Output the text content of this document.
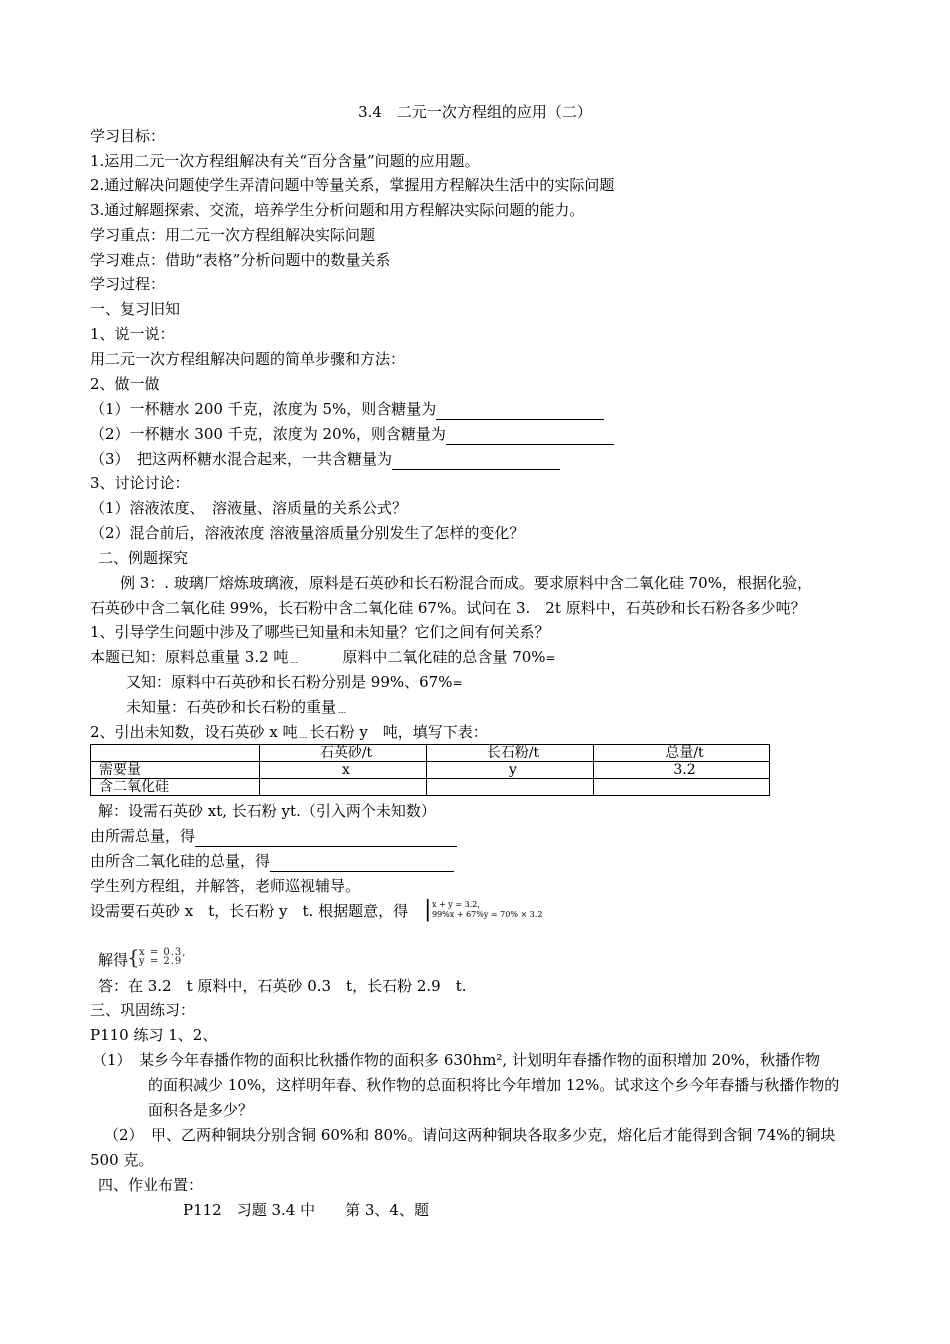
3.4　二元一次方程组的应用（二）
学习目标：
1.运用二元一次方程组解决有关“百分含量”问题的应用题。
2.通过解决问题使学生弄清问题中等量关系，掌握用方程解决生活中的实际问题
3.通过解题探索、交流，培养学生分析问题和用方程解决实际问题的能力。
学习重点：用二元一次方程组解决实际问题
学习难点：借助“表格”分析问题中的数量关系
学习过程：
一、复习旧知
1、说一说：
用二元一次方程组解决问题的简单步骤和方法：
2、做一做
（1）一杯糖水 200 千克，浓度为 5%，则含糖量为
（2）一杯糖水 300 千克，浓度为 20%，则含糖量为
（3）　把这两杯糖水混合起来，一共含糖量为
3、讨论讨论：
（1）溶液浓度、　溶液量、溶质量的关系公式？
（2）混合前后，溶液浓度 溶液量溶质量分别发生了怎样的变化？
二、例题探究
例 3：. 玻璃厂熔炼玻璃液，原料是石英砂和长石粉混合而成。要求原料中含二氧化硅 70%，根据化验，
石英砂中含二氧化硅 99%，长石粉中含二氧化硅 67%。试问在 3.　2t 原料中，石英砂和长石粉各多少吨？
1、引导学生问题中涉及了哪些已知量和未知量？它们之间有何关系？
本题已知：原料总重量 3.2 吨﹍	原料中二氧化硅的总含量 70%=
又知：原料中石英砂和长石粉分别是 99%、67%=
未知量：石英砂和长石粉的重量﹍
2、引出未知数，设石英砂 x 吨﹍长石粉 y　吨，填写下表：
	石英砂/t	长石粉/t	总量/t
需要量	x	y	3.2
含二氧化硅			
解：设需石英砂 xt, 长石粉 yt.（引入两个未知数）
由所需总量，得
由所含二氧化硅的总量，得
学生列方程组，并解答，老师巡视辅导。
设需要石英砂 x　t，长石粉 y　t. 根据题意，得 | x + y = 3.2,
99%x + 67%y = 70% × 3.2
解得
{
x = 0.3,
y = 2.9
答：在 3.2　t 原料中，石英砂 0.3　t，长石粉 2.9　t.
三、巩固练习：
P110 练习 1、2、
（1）　某乡今年春播作物的面积比秋播作物的面积多 630hm², 计划明年春播作物的面积增加 20%，秋播作物
的面积减少 10%，这样明年春、秋作物的总面积将比今年增加 12%。试求这个乡今年春播与秋播作物的
面积各是多少？
（2）　甲、乙两种铜块分别含铜 60%和 80%。请问这两种铜块各取多少克，熔化后才能得到含铜 74%的铜块
500 克。
四、作业布置：
P112　习题 3.4 中　　第 3、4、题
